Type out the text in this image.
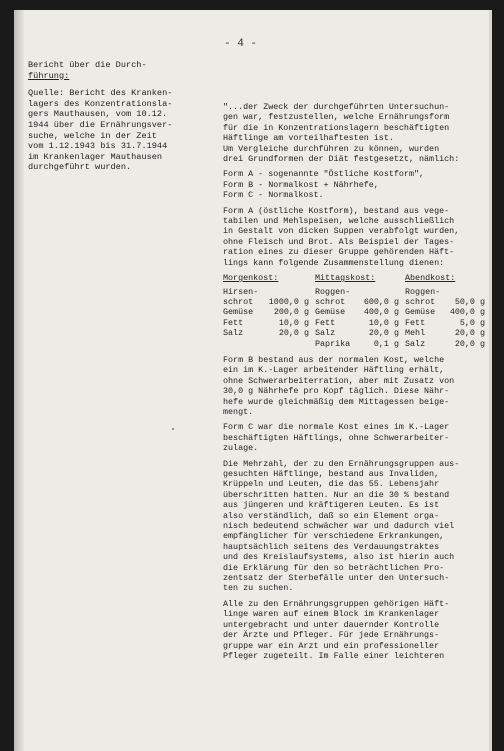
- 4 -
Bericht über die Durch-
führung:
Quelle: Bericht des Kranken-
lagers des Konzentrationsla-
gers Mauthausen, vom 10.12.
1944 über die Ernährungsver-
suche, welche in der Zeit
vom 1.12.1943 bis 31.7.1944
im Krankenlager Mauthausen
durchgeführt wurden.

"...der Zweck der durchgeführten Untersuchun-
gen war, festzustellen, welche Ernährungsform
für die in Konzentrationslagern beschäftigten
Häftlinge am vorteilhaftesten ist.
Um Vergleiche durchführen zu können, wurden
drei Grundformen der Diät festgesetzt, nämlich:

Form A - sogenannte "Östliche Kostform",
Form B - Normalkost + Nährhefe,
Form C - Normalkost.

Form A (östliche Kostform), bestand aus vege-
tabilen und Mehlspeisen, welche ausschließlich
in Gestalt von dicken Suppen verabfolgt wurden,
ohne Fleisch und Brot. Als Beispiel der Tages-
ration eines zu dieser Gruppe gehörenden Häft-
lings kann folgende Zusammenstellung dienen:

Morgenkost:	Mittagskost:	Abendkost:

Hirsen-	Roggen-	Roggen-

schrot 1000,0 g	schrot 600,0 g	schrot 50,0 g

Gemüse 200,0 g	Gemüse 400,0 g	Gemüse 400,0 g

Fett 10,0 g	Fett 10,0 g	Fett 5,0 g

Salz 20,0 g	Salz 20,0 g	Mehl 20,0 g

	Paprika 0,1 g	Salz 20,0 g

Form B bestand aus der normalen Kost, welche
ein im K.-Lager arbeitender Häftling erhält,
ohne Schwerarbeiterration, aber mit Zusatz von
30,0 g Nährhefe pro Kopf täglich. Diese Nähr-
hefe wurde gleichmäßig dem Mittagessen beige-
mengt.

Form C war die normale Kost eines im K.-Lager
beschäftigten Häftlings, ohne Schwerarbeiter-
zulage.

Die Mehrzahl, der zu den Ernährungsgruppen aus-
gesuchten Häftlinge, bestand aus Invaliden,
Krüppeln und Leuten, die das 55. Lebensjahr
überschritten hatten. Nur an die 30 % bestand
aus jüngeren und kräftigeren Leuten. Es ist
also verständlich, daß so ein Element orga-
nisch bedeutend schwächer war und dadurch viel
empfänglicher für verschiedene Erkrankungen,
hauptsächlich seitens des Verdauungstraktes
und des Kreislaufsystems, also ist hierin auch
die Erklärung für den so beträchtlichen Pro-
zentsatz der Sterbefälle unter den Untersuch-
ten zu suchen.

Alle zu den Ernährungsgruppen gehörigen Häft-
linge waren auf einem Block im Krankenlager
untergebracht und unter dauernder Kontrolle
der Ärzte und Pfleger. Für jede Ernährungs-
gruppe war ein Arzt und ein professioneller
Pfleger zugeteilt. Im Falle einer leichteren
